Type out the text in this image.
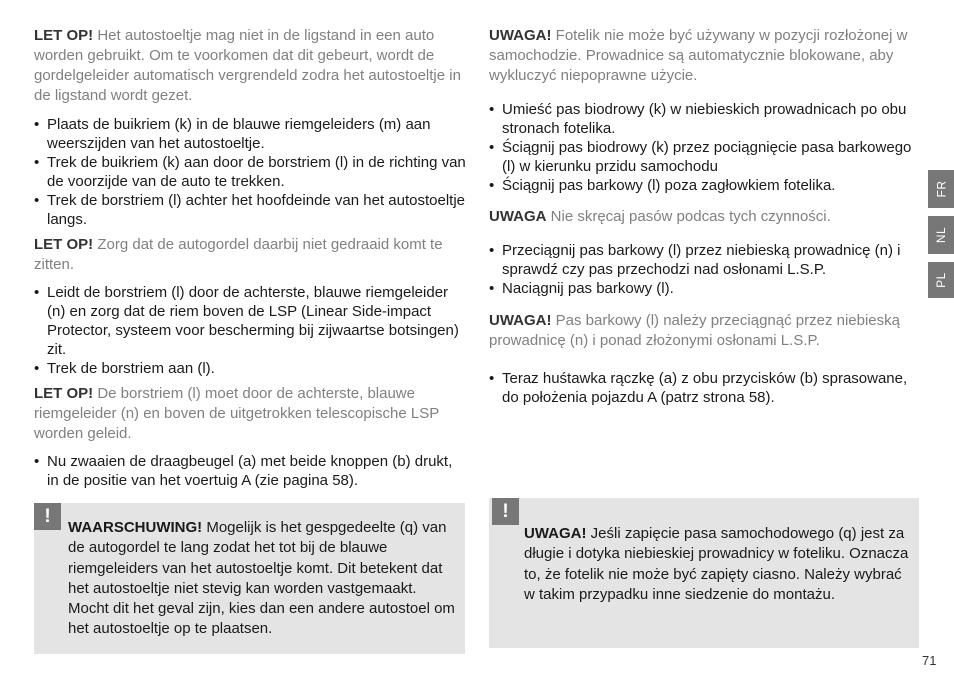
LET OP! Het autostoeltje mag niet in de ligstand in een auto worden gebruikt. Om te voorkomen dat dit gebeurt, wordt de gordelgeleider automatisch vergrendeld zodra het autostoeltje in de ligstand wordt gezet.

• Plaats de buikriem (k) in de blauwe riemgeleiders (m) aan weerszijden van het autostoeltje.
• Trek de buikriem (k) aan door de borstriem (l) in de richting van de voorzijde van de auto te trekken.
• Trek de borstriem (l) achter het hoofdeinde van het autostoeltje langs.

LET OP! Zorg dat de autogordel daarbij niet gedraaid komt te zitten.

• Leidt de borstriem (l) door de achterste, blauwe riemgeleider (n) en zorg dat de riem boven de LSP (Linear Side-impact Protector, systeem voor bescherming bij zijwaartse botsingen) zit.
• Trek de borstriem aan (l).

LET OP! De borstriem (l) moet door de achterste, blauwe riemgeleider (n) en boven de uitgetrokken telescopische LSP worden geleid.

• Nu zwaaien de draagbeugel (a) met beide knoppen (b) drukt, in de positie van het voertuig A (zie pagina 58).
!

WAARSCHUWING! Mogelijk is het gespgedeelte (q) van de autogordel te lang zodat het tot bij de blauwe riemgeleiders van het autostoeltje komt. Dit betekent dat het autostoeltje niet stevig kan worden vastgemaakt. Mocht dit het geval zijn, kies dan een andere autostoel om het autostoeltje op te plaatsen.

UWAGA! Fotelik nie może być używany w pozycji rozłożonej w samochodzie. Prowadnice są automatycznie blokowane, aby wykluczyć niepoprawne użycie.

• Umieść pas biodrowy (k) w niebieskich prowadnicach po obu stronach fotelika.
• Ściągnij pas biodrowy (k) przez pociągnięcie pasa barkowego (l) w kierunku przidu samochodu
• Ściągnij pas barkowy (l) poza zagłowkiem fotelika.

UWAGA Nie skręcaj pasów podcas tych czynności.

• Przeciągnij pas barkowy (l) przez niebieską prowadnicę (n) i sprawdź czy pas przechodzi nad osłonami L.S.P.
• Naciągnij pas barkowy (l).

UWAGA! Pas barkowy (l) należy przeciągnąć przez niebieską prowadnicę (n) i ponad złożonymi osłonami L.S.P.

• Teraz huśtawka rączkę (a) z obu przycisków (b) sprasowane, do położenia pojazdu A (patrz strona 58).
!

UWAGA! Jeśli zapięcie pasa samochodowego (q) jest za długie i dotyka niebieskiej prowadnicy w foteliku. Oznacza to, że fotelik nie może być zapięty ciasno. Należy wybrać w takim przypadku inne siedzenie do montażu.

FR
NL
PL
71
